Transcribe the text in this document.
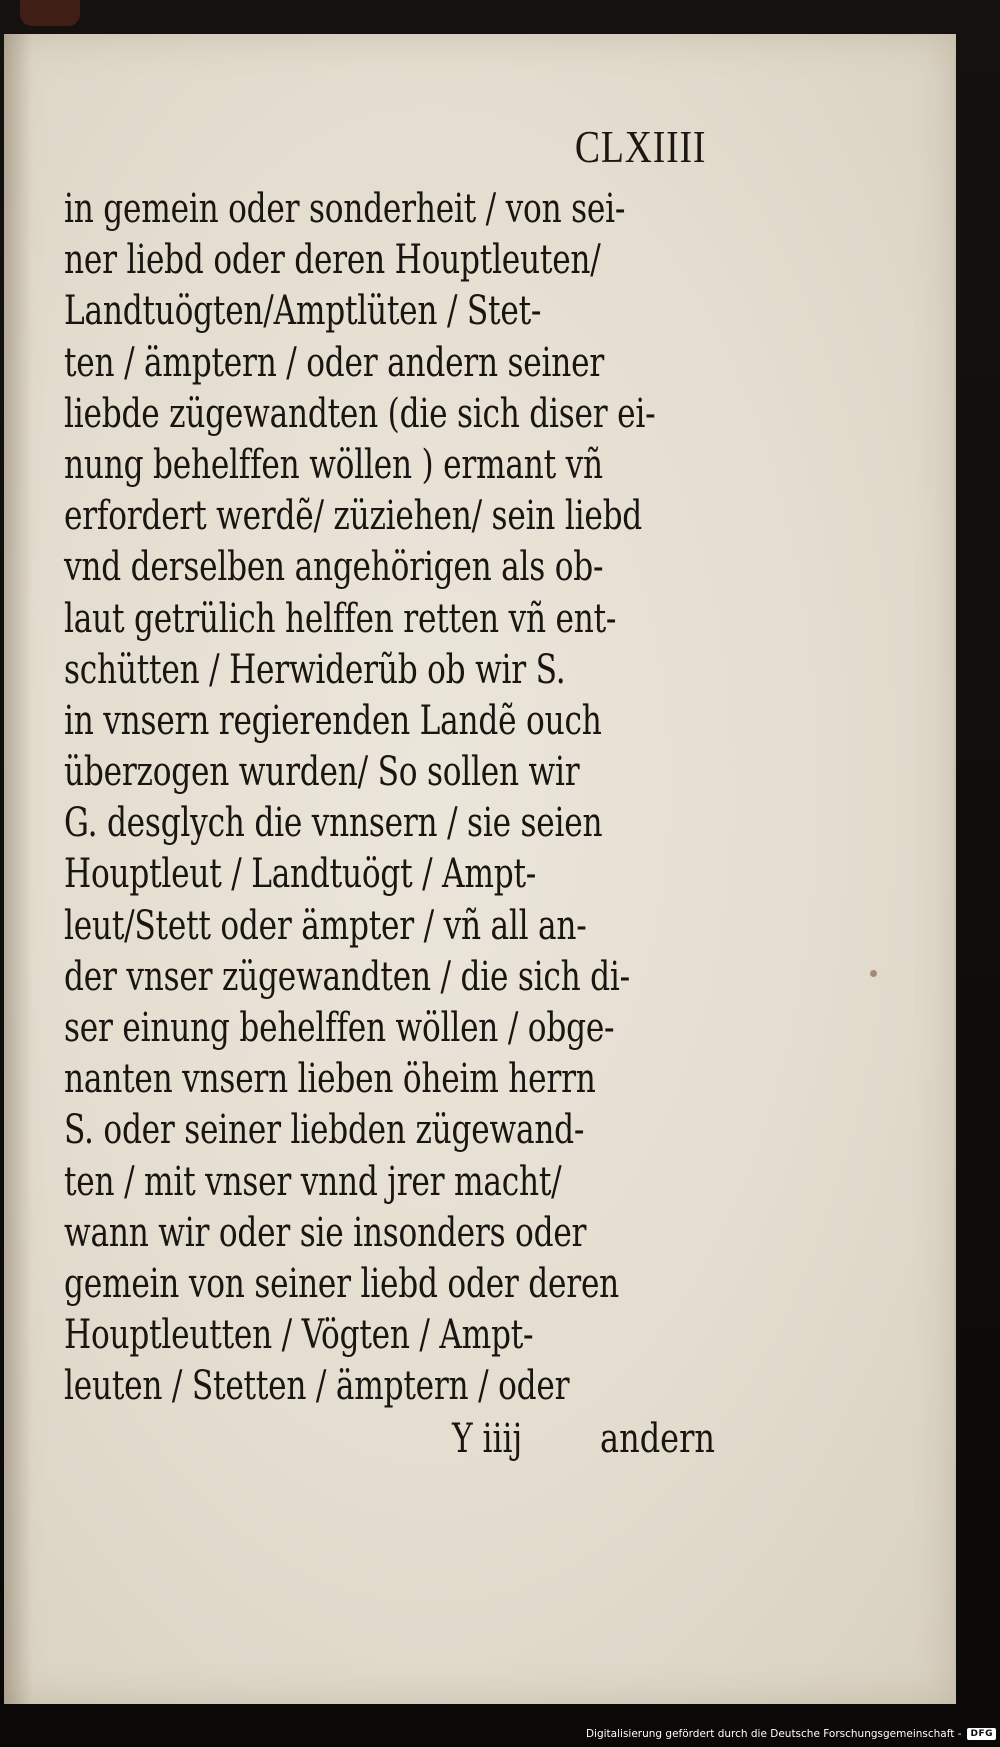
CLXIIII
in gemein oder sonderheit / von sei-
ner liebd oder deren Houptleuten/
Landtuögten/Amptlüten / Stet-
ten / ämptern / oder andern seiner
liebde zügewandten (die sich diser ei-
nung behelffen wöllen ) ermant vñ
erfordert werdẽ/ züziehen/ sein liebd
vnd derselben angehörigen als ob-
laut getrülich helffen retten vñ ent-
schütten / Herwiderũb ob wir S.
in vnsern regierenden Landẽ ouch
überzogen wurden/ So sollen wir
G. desglych die vnnsern / sie seien
Houptleut / Landtuögt / Ampt-
leut/Stett oder ämpter / vñ all an-
der vnser zügewandten / die sich di-
ser einung behelffen wöllen / obge-
nanten vnsern lieben öheim herrn
S. oder seiner liebden zügewand-
ten / mit vnser vnnd jrer macht/
wann wir oder sie insonders oder
gemein von seiner liebd oder deren
Houptleutten / Vögten / Ampt-
leuten / Stetten / ämptern / oder
Y iiij andern
Digitalisierung gefördert durch die Deutsche Forschungsgemeinschaft -	DFG
